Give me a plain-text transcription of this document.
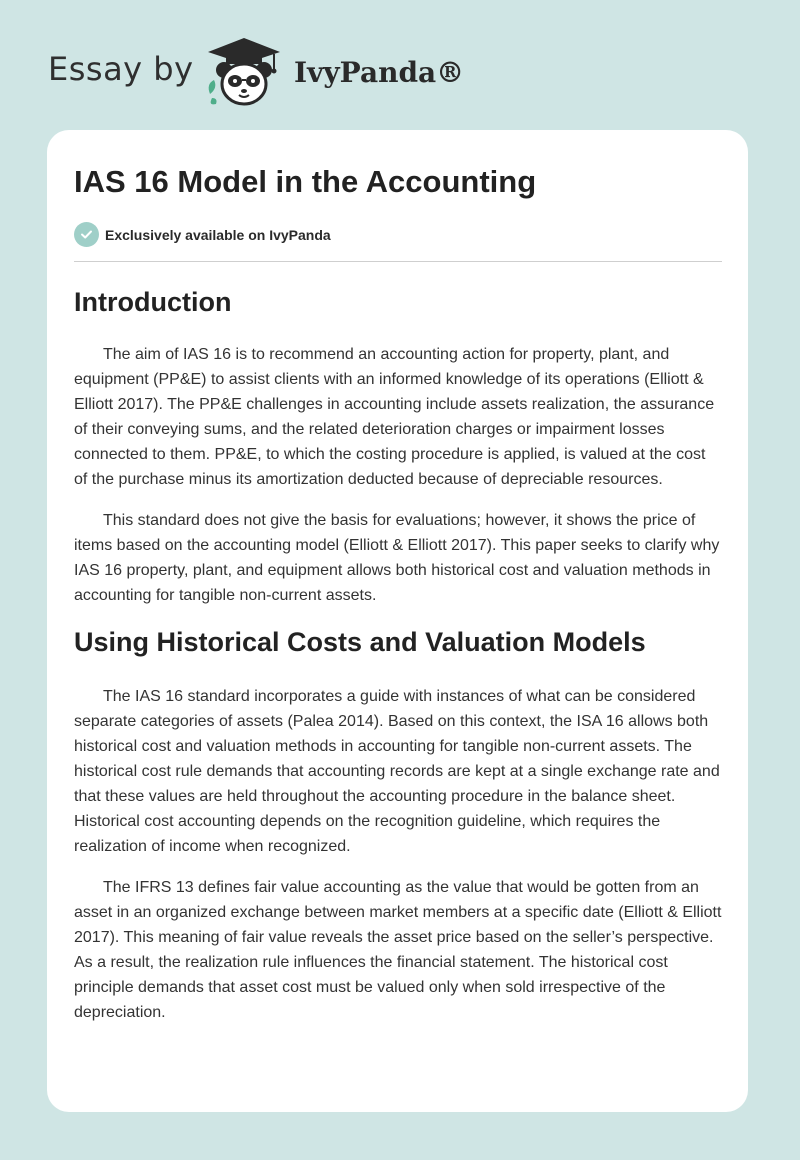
Essay by	IvyPanda®
IAS 16 Model in the Accounting
Exclusively available on IvyPanda
Introduction

The aim of IAS 16 is to recommend an accounting action for property, plant, and equipment (PP&E) to assist clients with an informed knowledge of its operations (Elliott & Elliott 2017). The PP&E challenges in accounting include assets realization, the assurance of their conveying sums, and the related deterioration charges or impairment losses connected to them. PP&E, to which the costing procedure is applied, is valued at the cost of the purchase minus its amortization deducted because of depreciable resources.

This standard does not give the basis for evaluations; however, it shows the price of items based on the accounting model (Elliott & Elliott 2017). This paper seeks to clarify why IAS 16 property, plant, and equipment allows both historical cost and valuation methods in accounting for tangible non-current assets.

Using Historical Costs and Valuation Models

The IAS 16 standard incorporates a guide with instances of what can be considered separate categories of assets (Palea 2014). Based on this context, the ISA 16 allows both historical cost and valuation methods in accounting for tangible non-current assets. The historical cost rule demands that accounting records are kept at a single exchange rate and that these values are held throughout the accounting procedure in the balance sheet. Historical cost accounting depends on the recognition guideline, which requires the realization of income when recognized.

The IFRS 13 defines fair value accounting as the value that would be gotten from an asset in an organized exchange between market members at a specific date (Elliott & Elliott 2017). This meaning of fair value reveals the asset price based on the seller’s perspective. As a result, the realization rule influences the financial statement. The historical cost principle demands that asset cost must be valued only when sold irrespective of the depreciation.
